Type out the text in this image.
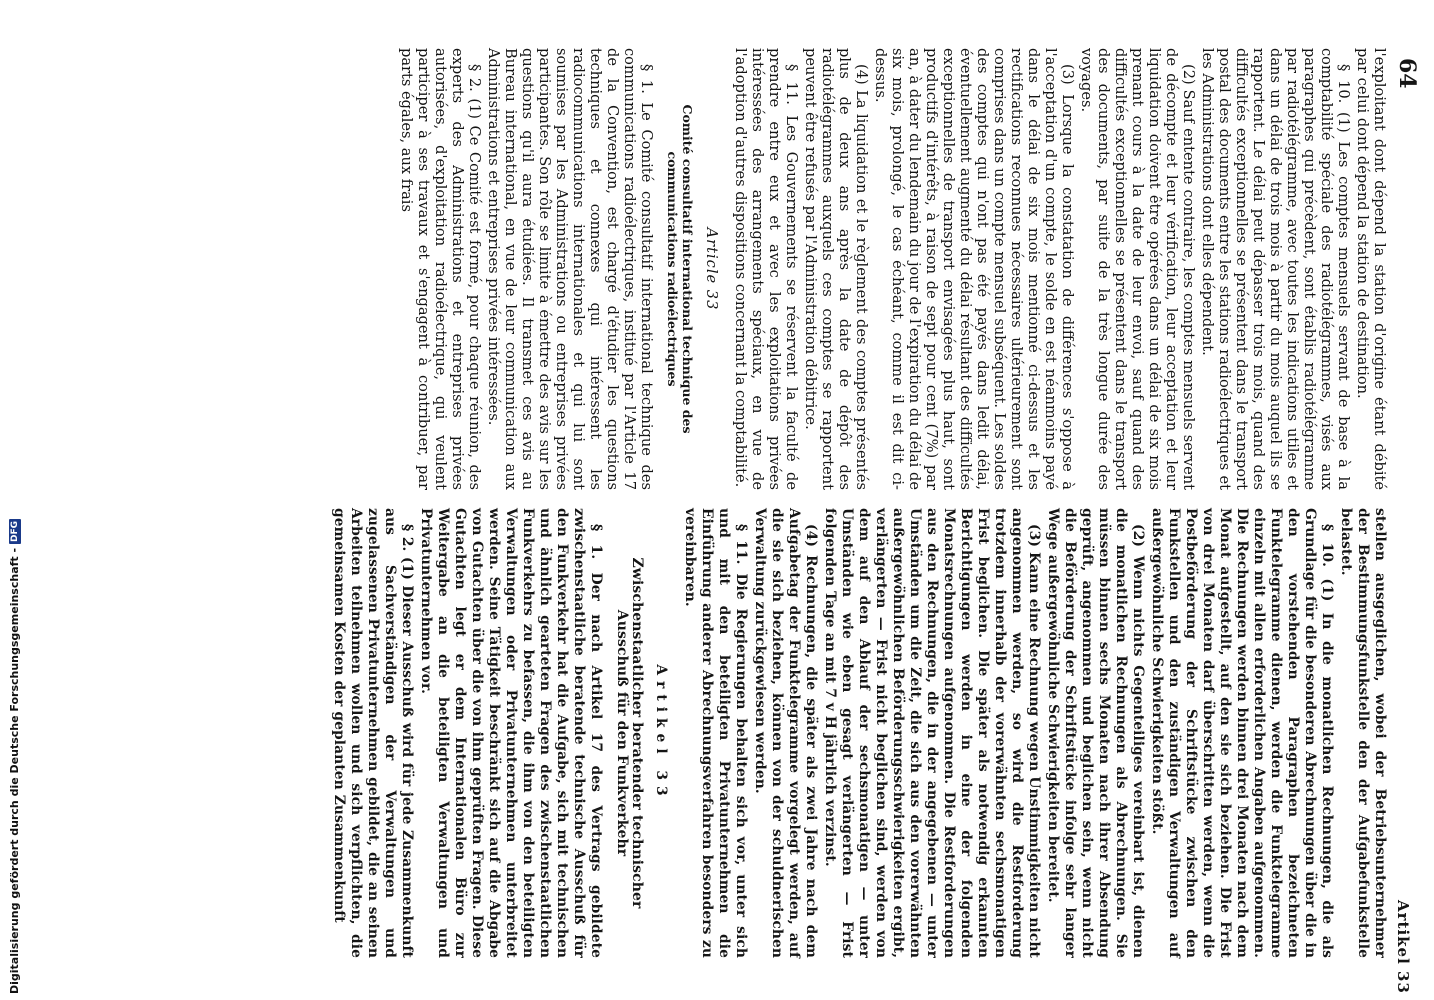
64
Artikel 33

l'exploitant dont dépend la station d'origine étant débité par celui dont dépend la station de destination.

§ 10. (1) Les comptes mensuels servant de base à la comptabilité spéciale des radiotélégrammes, visés aux paragraphes qui précèdent, sont établis radiotélégramme par radiotélégramme, avec toutes les indications utiles et dans un délai de trois mois à partir du mois auquel ils se rapportent. Le délai peut dépasser trois mois, quand des difficultés exceptionnelles se présentent dans le transport postal des documents entre les stations radioélectriques et les Administrations dont elles dépendent.

(2) Sauf entente contraire, les comptes mensuels servent de décompte et leur vérification, leur acceptation et leur liquidation doivent être opérées dans un délai de six mois prenant cours à la date de leur envoi, sauf quand des difficultés exceptionnelles se présentent dans le transport des documents, par suite de la très longue durée des voyages.

(3) Lorsque la constatation de différences s'oppose à l'acceptation d'un compte, le solde en est néanmoins payé dans le délai de six mois mentionné ci-dessus et les rectifications reconnues nécessaires ultérieurement sont comprises dans un compte mensuel subséquent. Les soldes des comptes qui n'ont pas été payés dans ledit délai, éventuellement augmenté du délai résultant des difficultés exceptionnelles de transport envisagées plus haut, sont productifs d'intérêts, à raison de sept pour cent (7%) par an, à dater du lendemain du jour de l'expiration du délai de six mois, prolongé, le cas échéant, comme il est dit ci-dessus.

(4) La liquidation et le règlement des comptes présentés plus de deux ans après la date de dépôt des radiotélégrammes auxquels ces comptes se rapportent peuvent être refusés par l'Administration débitrice.

§ 11. Les Gouvernements se réservent la faculté de prendre entre eux et avec les exploitations privées intéressées des arrangements spéciaux, en vue de l'adoption d'autres dispositions concernant la comptabilité.

Article 33

Comité consultatif international technique des communications radioélectriques

§ 1. Le Comité consultatif international technique des communications radioélectriques, institué par l'Article 17 de la Convention, est chargé d'étudier les questions techniques et connexes qui intéressent les radiocommunications internationales et qui lui sont soumises par les Administrations ou entreprises privées participantes. Son rôle se limite à émettre des avis sur les questions qu'il aura étudiées. Il transmet ces avis au Bureau international, en vue de leur communication aux Administrations et entreprises privées intéressées.

§ 2. (1) Ce Comité est formé, pour chaque réunion, des experts des Administrations et entreprises privées autorisées, d'exploitation radioélectrique, qui veulent participer à ses travaux et s'engagent à contribuer, par parts égales, aux frais

stellen ausgeglichen, wobei der Betriebsunternehmer der Bestimmungsfunkstelle den der Aufgabefunkstelle belastet.

§ 10. (1) In die monatlichen Rechnungen, die als Grundlage für die besonderen Abrechnungen über die in den vorstehenden Paragraphen bezeichneten Funktelegramme dienen, werden die Funktelegramme einzeln mit allen erforderlichen Angaben aufgenommen. Die Rechnungen werden binnen drei Monaten nach dem Monat aufgestellt, auf den sie sich beziehen. Die Frist von drei Monaten darf überschritten werden, wenn die Postbeförderung der Schriftstücke zwischen den Funkstellen und den zuständigen Verwaltungen auf außergewöhnliche Schwierigkeiten stößt.

(2) Wenn nichts Gegenteiliges vereinbart ist, dienen die monatlichen Rechnungen als Abrechnungen. Sie müssen binnen sechs Monaten nach ihrer Absendung geprüft, angenommen und beglichen sein, wenn nicht die Beförderung der Schriftstücke infolge sehr langer Wege außergewöhnliche Schwierigkeiten bereitet.

(3) Kann eine Rechnung wegen Unstimmigkeiten nicht angenommen werden, so wird die Restforderung trotzdem innerhalb der vorerwähnten sechsmonatigen Frist beglichen. Die später als notwendig erkannten Berichtigungen werden in eine der folgenden Monatsrechnungen aufgenommen. Die Restforderungen aus den Rechnungen, die in der angegebenen — unter Umständen um die Zeit, die sich aus den vorerwähnten außergewöhnlichen Beförderungsschwierigkeiten ergibt, verlängerten — Frist nicht beglichen sind, werden von dem auf den Ablauf der sechsmonatigen — unter Umständen wie eben gesagt verlängerten — Frist folgenden Tage an mit 7 v H jährlich verzinst.

(4) Rechnungen, die später als zwei Jahre nach dem Aufgabetag der Funktelegramme vorgelegt werden, auf die sie sich beziehen, können von der schuldnerischen Verwaltung zurückgewiesen werden.

§ 11. Die Regierungen behalten sich vor, unter sich und mit den beteiligten Privatunternehmen die Einführung anderer Abrechnungsverfahren besonders zu vereinbaren.

Artikel 33

Zwischenstaatlicher beratender technischer Ausschuß für den Funkverkehr

§ 1. Der nach Artikel 17 des Vertrags gebildete zwischenstaatliche beratende technische Ausschuß für den Funkverkehr hat die Aufgabe, sich mit technischen und ähnlich gearteten Fragen des zwischenstaatlichen Funkverkehrs zu befassen, die ihm von den beteiligten Verwaltungen oder Privatunternehmen unterbreitet werden. Seine Tätigkeit beschränkt sich auf die Abgabe von Gutachten über die von ihm geprüften Fragen. Diese Gutachten legt er dem Internationalen Büro zur Weitergabe an die beteiligten Verwaltungen und Privatunternehmen vor.

§ 2. (1) Dieser Ausschuß wird für jede Zusammenkunft aus Sachverständigen der Verwaltungen und zugelassenen Privatunternehmen gebildet, die an seinen Arbeiten teilnehmen wollen und sich verpflichten, die gemeinsamen Kosten der geplanten Zusammenkunft

Digitalisierung gefördert durch die Deutsche Forschungsgemeinschaft -
DFG
